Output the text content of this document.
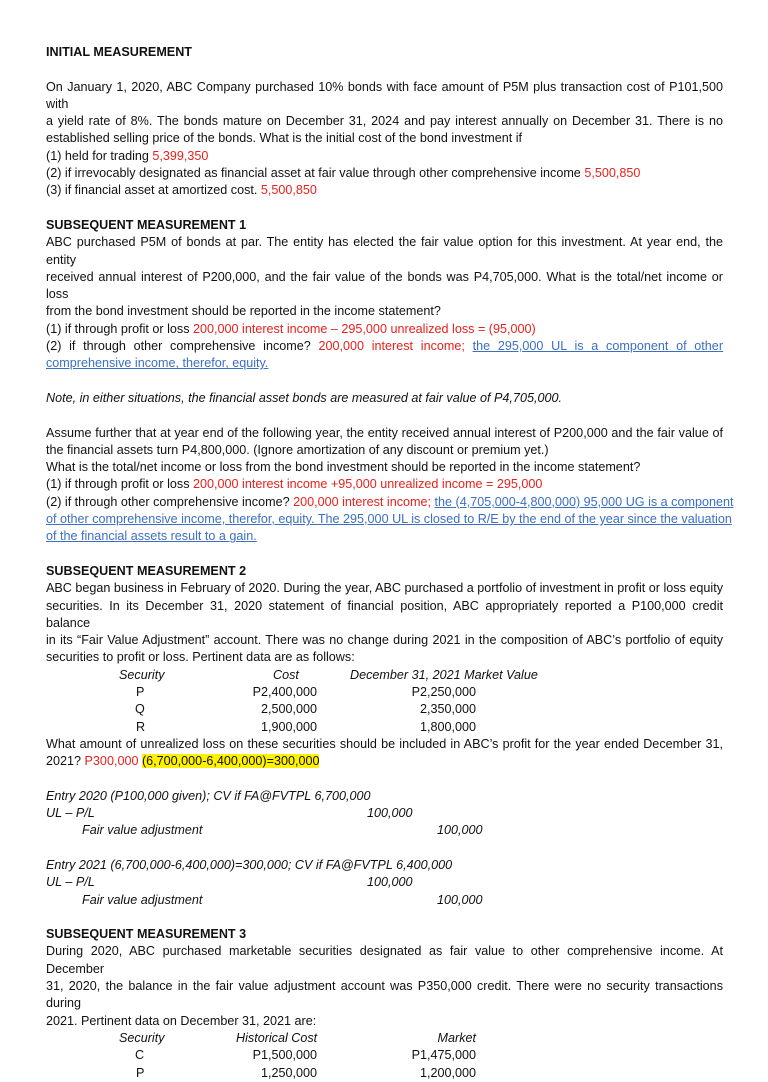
INITIAL MEASUREMENT
On January 1, 2020, ABC Company purchased 10% bonds with face amount of P5M plus transaction cost of P101,500 with
a yield rate of 8%. The bonds mature on December 31, 2024 and pay interest annually on December 31. There is no
established selling price of the bonds. What is the initial cost of the bond investment if
(1) held for trading 5,399,350
(2) if irrevocably designated as financial asset at fair value through other comprehensive income 5,500,850
(3) if financial asset at amortized cost. 5,500,850
SUBSEQUENT MEASUREMENT 1
ABC purchased P5M of bonds at par. The entity has elected the fair value option for this investment. At year end, the entity
received annual interest of P200,000, and the fair value of the bonds was P4,705,000. What is the total/net income or loss
from the bond investment should be reported in the income statement?
(1) if through profit or loss 200,000 interest income – 295,000 unrealized loss = (95,000)
(2) if through other comprehensive income? 200,000 interest income; the 295,000 UL is a component of other
comprehensive income, therefor, equity.
Note, in either situations, the financial asset bonds are measured at fair value of P4,705,000.
Assume further that at year end of the following year, the entity received annual interest of P200,000 and the fair value of
the financial assets turn P4,800,000. (Ignore amortization of any discount or premium yet.)
What is the total/net income or loss from the bond investment should be reported in the income statement?
(1) if through profit or loss 200,000 interest income +95,000 unrealized income = 295,000
(2) if through other comprehensive income? 200,000 interest income; the (4,705,000-4,800,000) 95,000 UG is a component
of other comprehensive income, therefor, equity. The 295,000 UL is closed to R/E by the end of the year since the valuation
of the financial assets result to a gain.
SUBSEQUENT MEASUREMENT 2
ABC began business in February of 2020. During the year, ABC purchased a portfolio of investment in profit or loss equity
securities. In its December 31, 2020 statement of financial position, ABC appropriately reported a P100,000 credit balance
in its “Fair Value Adjustment” account. There was no change during 2021 in the composition of ABC’s portfolio of equity
securities to profit or loss. Pertinent data are as follows:
Security	Cost	December 31, 2021 Market Value
P	P2,400,000	P2,250,000
Q	2,500,000	2,350,000
R	1,900,000	1,800,000
What amount of unrealized loss on these securities should be included in ABC’s profit for the year ended December 31,
2021? P300,000 (6,700,000-6,400,000)=300,000
Entry 2020 (P100,000 given); CV if FA@FVTPL 6,700,000
UL – P/L	100,000
Fair value adjustment	100,000
Entry 2021 (6,700,000-6,400,000)=300,000; CV if FA@FVTPL 6,400,000
UL – P/L	100,000
Fair value adjustment	100,000
SUBSEQUENT MEASUREMENT 3
During 2020, ABC purchased marketable securities designated as fair value to other comprehensive income. At December
31, 2020, the balance in the fair value adjustment account was P350,000 credit. There were no security transactions during
2021. Pertinent data on December 31, 2021 are:
Security	Historical Cost	Market
C	P1,500,000	P1,475,000
P	1,250,000	1,200,000
